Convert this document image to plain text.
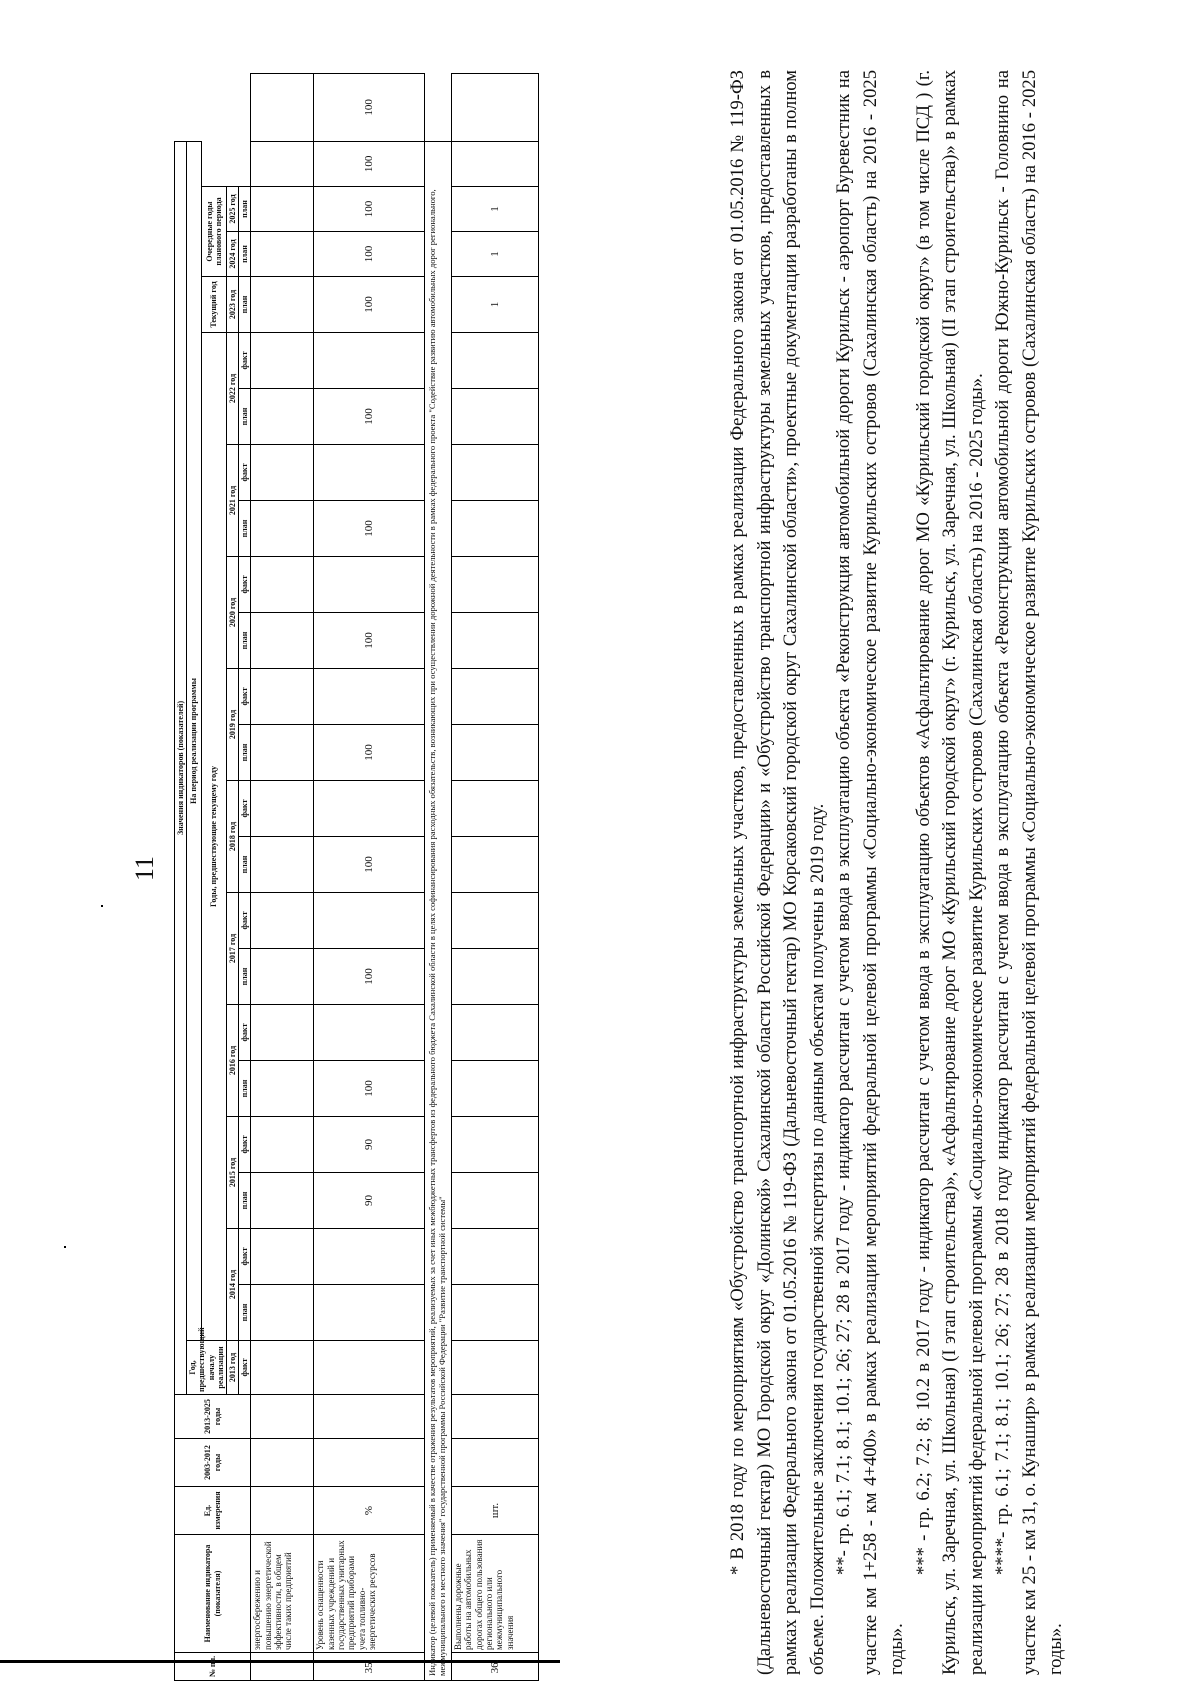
11
№ пп.	Наименование индикатора (показателя)	Ед. измерения	2003-2012 годы	2013-2025 годы	Значения индикаторов (показателей)																							
					Год, предшествующий началу реализации	На период реализации программы																						
						Годы, предшествующие текущему году																		Текущий год	Очередные годы планового периода			
					2013 год	2014 год		2015 год		2016 год		2017 год		2018 год		2019 год		2020 год		2021 год		2022 год		2023 год	2024 год	2025 год		
					факт	план	факт	план	факт	план	факт	план	факт	план	факт	план	факт	план	факт	план	факт	план	факт	план	план	план		
	энергосбережению и повышению энергетической эффективности, в общем числе таких предприятий																											
35.	Уровень оснащенности казенных учреждений и государственных унитарных предприятий приборами учета топливно-энергетических ресурсов	%						90	90	100		100		100		100		100		100		100		100	100	100	100	100
Индикатор (целевой показатель) применяемый в качестве отражения результатов мероприятий, реализуемых за счет иных межбюджетных трансфертов из федерального бюджета Сахалинской области в целях софинансирования расходных обязательств, возникающих при осуществлении дорожной деятельности в рамках федерального проекта "Содействие развитию автомобильных дорог регионального, межмуниципального и местного значения" государственной программы Российской Федерации "Развитие транспортной системы"																												
36.	Выполнены дорожные работы на автомобильных дорогах общего пользования регионального или межмуниципального значения	шт.																						1	1	1			* В 2018 году по мероприятиям «Обустройство транспортной инфраструктуры земельных участков, предоставленных в рамках реализации Федерального закона от 01.05.2016 № 119-ФЗ (Дальневосточный гектар) МО Городской округ «Долинской» Сахалинской области Российской Федерации» и «Обустройство транспортной инфраструктуры земельных участков, предоставленных в рамках реализации Федерального закона от 01.05.2016 № 119-ФЗ (Дальневосточный гектар) МО Корсаковский городской округ Сахалинской области», проектные документации разработаны в полном объеме. Положительные заключения государственной экспертизы по данным объектам получены в 2019 году. **- гр. 6.1; 7.1; 8.1; 10.1; 26; 27; 28 в 2017 году - индикатор рассчитан с учетом ввода в эксплуатацию объекта «Реконструкция автомобильной дороги Курильск - аэропорт Буревестник на участке км 1+258 - км 4+400» в рамках реализации мероприятий федеральной целевой программы «Социально-экономическое развитие Курильских островов (Сахалинская область) на 2016 - 2025 годы».

*** - гр. 6.2; 7.2; 8; 10.2 в 2017 году - индикатор рассчитан с учетом ввода в эксплуатацию объектов «Асфальтирование дорог МО «Курильский городской округ» (в том числе ПСД ) (г. Курильск, ул. Заречная, ул. Школьная) (I этап строительства)», «Асфальтирование дорог МО «Курильский городской округ» (г. Курильск, ул. Заречная, ул. Школьная) (II этап строительства)» в рамках реализации мероприятий федеральной целевой программы «Социально-экономическое развитие Курильских островов (Сахалинская область) на 2016 - 2025 годы». ****- гр. 6.1; 7.1; 8.1; 10.1; 26; 27; 28 в 2018 году индикатор рассчитан с учетом ввода в эксплуатацию объекта «Реконструкция автомобильной дороги Южно-Курильск - Головнино на участке км 25 - км 31, о. Кунашир» в рамках реализации мероприятий федеральной целевой программы «Социально-экономическое развитие Курильских островов (Сахалинская область) на 2016 - 2025 годы».
